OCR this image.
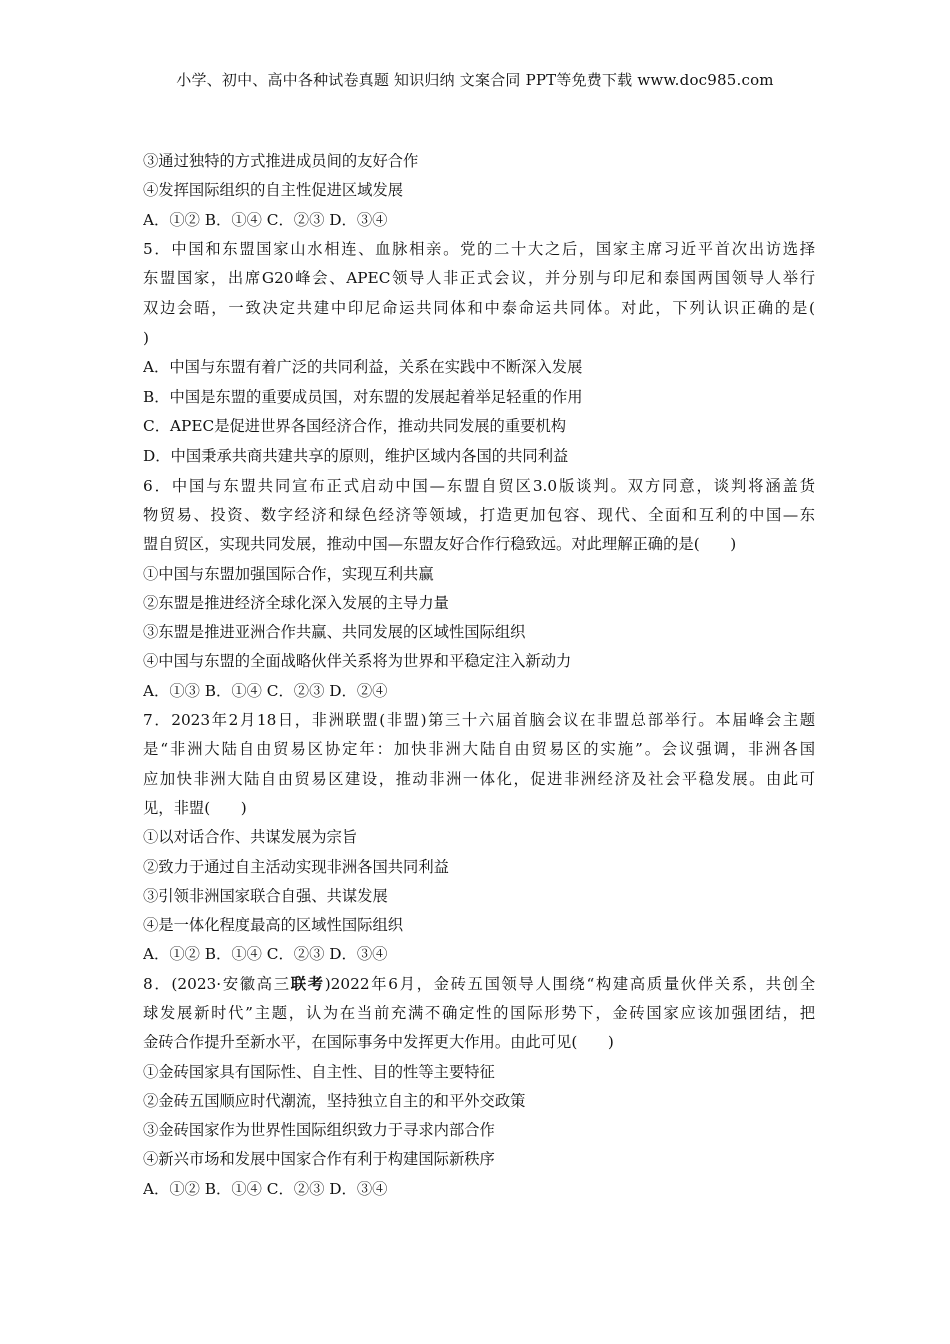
小学、初中、高中各种试卷真题 知识归纳 文案合同 PPT等免费下载 www.doc985.com
③通过独特的方式推进成员间的友好合作
④发挥国际组织的自主性促进区域发展
A．①② B．①④ C．②③ D．③④
5．中国和东盟国家山水相连、血脉相亲。党的二十大之后，国家主席习近平首次出访选择
东盟国家，出席G20峰会、APEC领导人非正式会议，并分别与印尼和泰国两国领导人举行
双边会晤，一致决定共建中印尼命运共同体和中泰命运共同体。对此，下列认识正确的是(
)
A．中国与东盟有着广泛的共同利益，关系在实践中不断深入发展
B．中国是东盟的重要成员国，对东盟的发展起着举足轻重的作用
C．APEC是促进世界各国经济合作，推动共同发展的重要机构
D．中国秉承共商共建共享的原则，维护区域内各国的共同利益
6．中国与东盟共同宣布正式启动中国—东盟自贸区3.0版谈判。双方同意，谈判将涵盖货
物贸易、投资、数字经济和绿色经济等领域，打造更加包容、现代、全面和互利的中国—东
盟自贸区，实现共同发展，推动中国—东盟友好合作行稳致远。对此理解正确的是(　　)
①中国与东盟加强国际合作，实现互利共赢
②东盟是推进经济全球化深入发展的主导力量
③东盟是推进亚洲合作共赢、共同发展的区域性国际组织
④中国与东盟的全面战略伙伴关系将为世界和平稳定注入新动力
A．①③ B．①④ C．②③ D．②④
7．2023年2月18日，非洲联盟(非盟)第三十六届首脑会议在非盟总部举行。本届峰会主题
是“非洲大陆自由贸易区协定年：加快非洲大陆自由贸易区的实施”。会议强调，非洲各国
应加快非洲大陆自由贸易区建设，推动非洲一体化，促进非洲经济及社会平稳发展。由此可
见，非盟(　　)
①以对话合作、共谋发展为宗旨
②致力于通过自主活动实现非洲各国共同利益
③引领非洲国家联合自强、共谋发展
④是一体化程度最高的区域性国际组织
A．①② B．①④ C．②③ D．③④
8．(2023·安徽高三联考)2022年6月，金砖五国领导人围绕“构建高质量伙伴关系，共创全
球发展新时代”主题，认为在当前充满不确定性的国际形势下，金砖国家应该加强团结，把
金砖合作提升至新水平，在国际事务中发挥更大作用。由此可见(　　)
①金砖国家具有国际性、自主性、目的性等主要特征
②金砖五国顺应时代潮流，坚持独立自主的和平外交政策
③金砖国家作为世界性国际组织致力于寻求内部合作
④新兴市场和发展中国家合作有利于构建国际新秩序
A．①② B．①④ C．②③ D．③④
